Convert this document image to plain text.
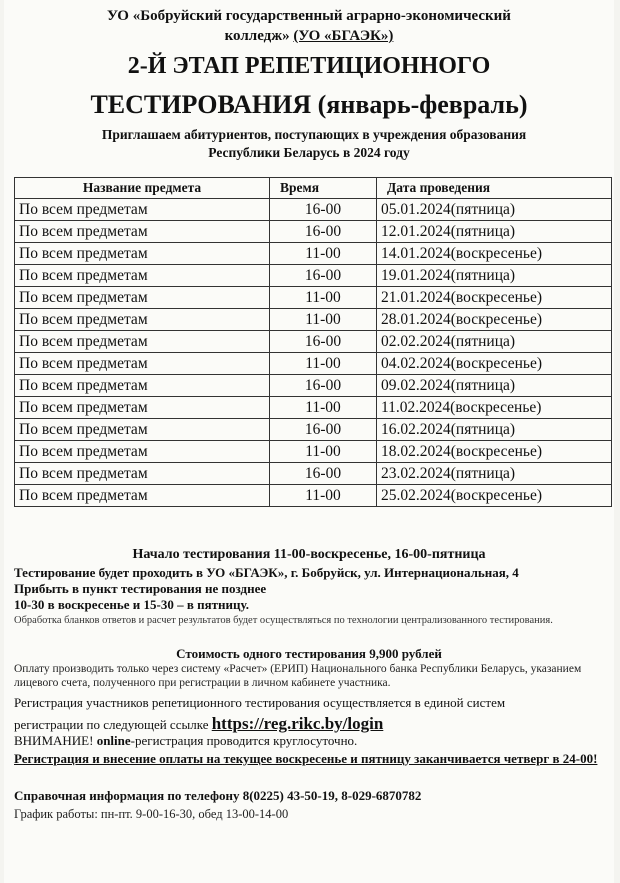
УО «Бобруйский государственный аграрно-экономический
колледж» (УО «БГАЭК»)
2-Й ЭТАП РЕПЕТИЦИОННОГО
ТЕСТИРОВАНИЯ (январь-февраль)
Приглашаем абитуриентов, поступающих в учреждения образования
Республики Беларусь в 2024 году
Название предмета	Время	Дата проведения
По всем предметам	16-00	05.01.2024(пятница)
По всем предметам	16-00	12.01.2024(пятница)
По всем предметам	11-00	14.01.2024(воскресенье)
По всем предметам	16-00	19.01.2024(пятница)
По всем предметам	11-00	21.01.2024(воскресенье)
По всем предметам	11-00	28.01.2024(воскресенье)
По всем предметам	16-00	02.02.2024(пятница)
По всем предметам	11-00	04.02.2024(воскресенье)
По всем предметам	16-00	09.02.2024(пятница)
По всем предметам	11-00	11.02.2024(воскресенье)
По всем предметам	16-00	16.02.2024(пятница)
По всем предметам	11-00	18.02.2024(воскресенье)
По всем предметам	16-00	23.02.2024(пятница)
По всем предметам	11-00	25.02.2024(воскресенье)
Начало тестирования 11-00-воскресенье, 16-00-пятница
Тестирование будет проходить в УО «БГАЭК», г. Бобруйск, ул. Интернациональная, 4
Прибыть в пункт тестирования не позднее
10-30 в воскресенье и 15-30 – в пятницу.
Обработка бланков ответов и расчет результатов будет осуществляться по технологии централизованного тестирования.
Стоимость одного тестирования 9,900 рублей
Оплату производить только через систему «Расчет» (ЕРИП) Национального банка Республики Беларусь, указанием лицевого счета, полученного при регистрации в личном кабинете участника.
Регистрация участников репетиционного тестирования осуществляется в единой систем
регистрации по следующей ссылке https://reg.rikc.by/login
ВНИМАНИЕ! online-регистрация проводится круглосуточно.
Регистрация и внесение оплаты на текущее воскресенье и пятницу заканчивается четверг в 24-00!
Справочная информация по телефону 8(0225) 43-50-19, 8-029-6870782
График работы: пн-пт. 9-00-16-30, обед 13-00-14-00
